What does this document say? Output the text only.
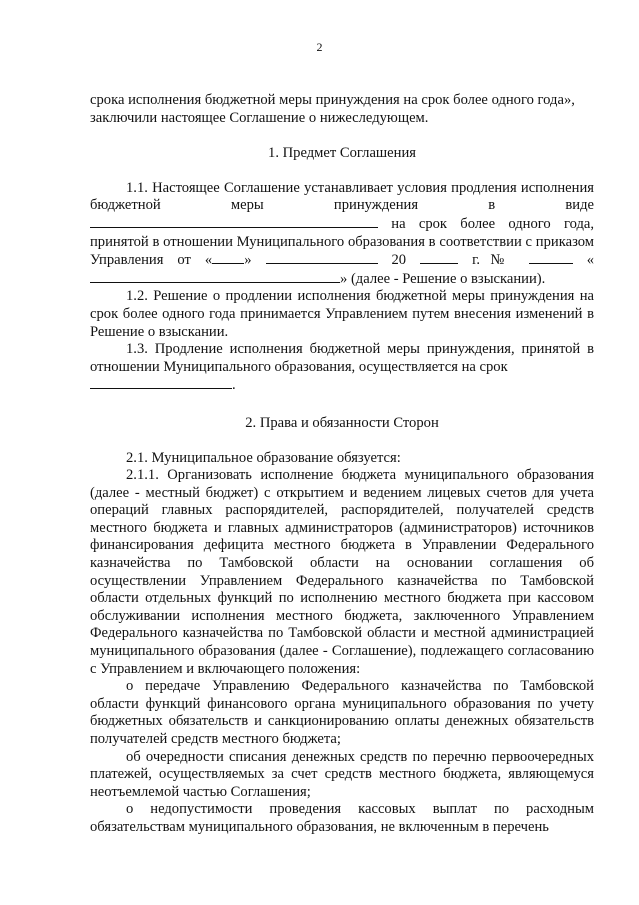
2

срока исполнения бюджетной меры принуждения на срок более одного года»,

заключили настоящее Соглашение о нижеследующем.

1. Предмет Соглашения

1.1. Настоящее Соглашение устанавливает условия продления исполнения бюджетной меры принуждения в виде  на срок более одного года, принятой в отношении Муниципального образования в соответствии с приказом Управления от « »	20	г.№	«» (далее - Решение о взыскании).

1.2. Решение о продлении исполнения бюджетной меры принуждения на срок более одного года принимается Управлением путем внесения изменений в Решение о взыскании.

1.3. Продление исполнения бюджетной меры принуждения, принятой в отношении Муниципального образования, осуществляется на срок
.

2. Права и обязанности Сторон

2.1. Муниципальное образование обязуется:

2.1.1. Организовать исполнение бюджета муниципального образования (далее - местный бюджет) с открытием и ведением лицевых счетов для учета операций главных распорядителей, распорядителей, получателей средств местного бюджета и главных администраторов (администраторов) источников финансирования дефицита местного бюджета в Управлении Федерального казначейства по Тамбовской области на основании соглашения об осуществлении Управлением Федерального казначейства по Тамбовской области отдельных функций по исполнению местного бюджета при кассовом обслуживании исполнения местного бюджета, заключенного Управлением Федерального казначейства по Тамбовской области и местной администрацией муниципального образования (далее - Соглашение), подлежащего согласованию с Управлением и включающего положения:

о передаче Управлению Федерального казначейства по Тамбовской области функций финансового органа муниципального образования по учету бюджетных обязательств и санкционированию оплаты денежных обязательств получателей средств местного бюджета;

об очередности списания денежных средств по перечню первоочередных платежей, осуществляемых за счет средств местного бюджета, являющемуся неотъемлемой частью Соглашения;

о недопустимости проведения кассовых выплат по расходным обязательствам муниципального образования, не включенным в перечень
